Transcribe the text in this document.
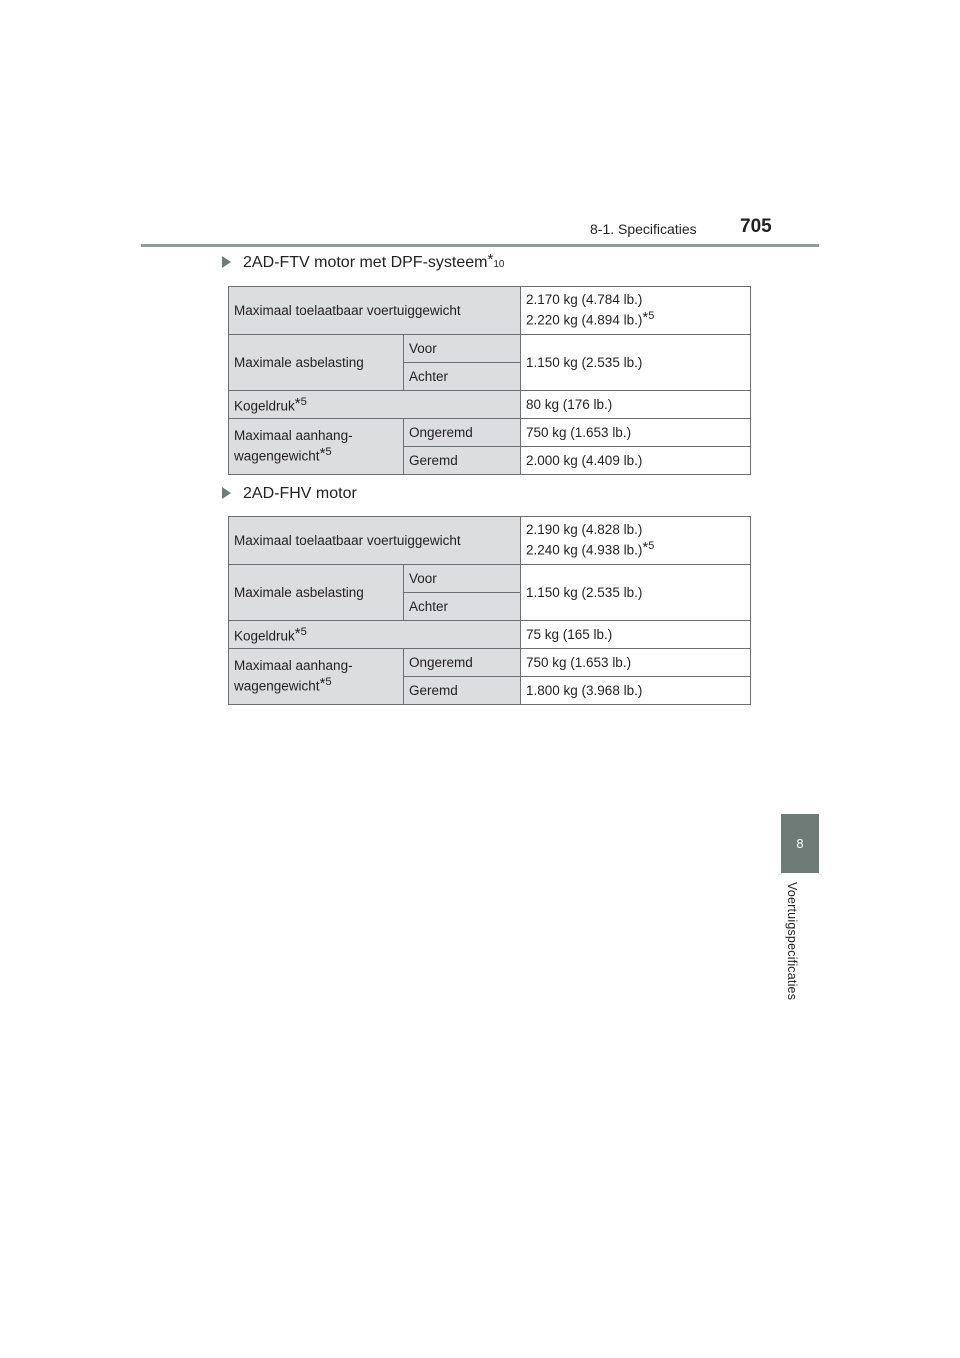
8-1. Specificaties 705
8
Voertuigspecificaties
2AD-FTV motor met DPF-systeem $*_{10}$
Maximaal toelaatbaar voertuiggewicht		2.170 kg (4.784 lb.)
2.220 kg (4.894 lb.)*$^5$

Maximale asbelasting	Voor	1.150 kg (2.535 lb.)
	Achter	
Kogeldruk*$^5$		80 kg (176 lb.)

Maximaal aanhang-
wagengewicht*$^5$	Ongeremd	750 kg (1.653 lb.)
	Geremd	2.000 kg (4.409 lb.)
2AD-FHV motor
Maximaal toelaatbaar voertuiggewicht		2.190 kg (4.828 lb.)
2.240 kg (4.938 lb.)*$^5$

Maximale asbelasting	Voor	1.150 kg (2.535 lb.)
	Achter	
Kogeldruk*$^5$		75 kg (165 lb.)

Maximaal aanhang-
wagengewicht*$^5$	Ongeremd	750 kg (1.653 lb.)
	Geremd	1.800 kg (3.968 lb.)
